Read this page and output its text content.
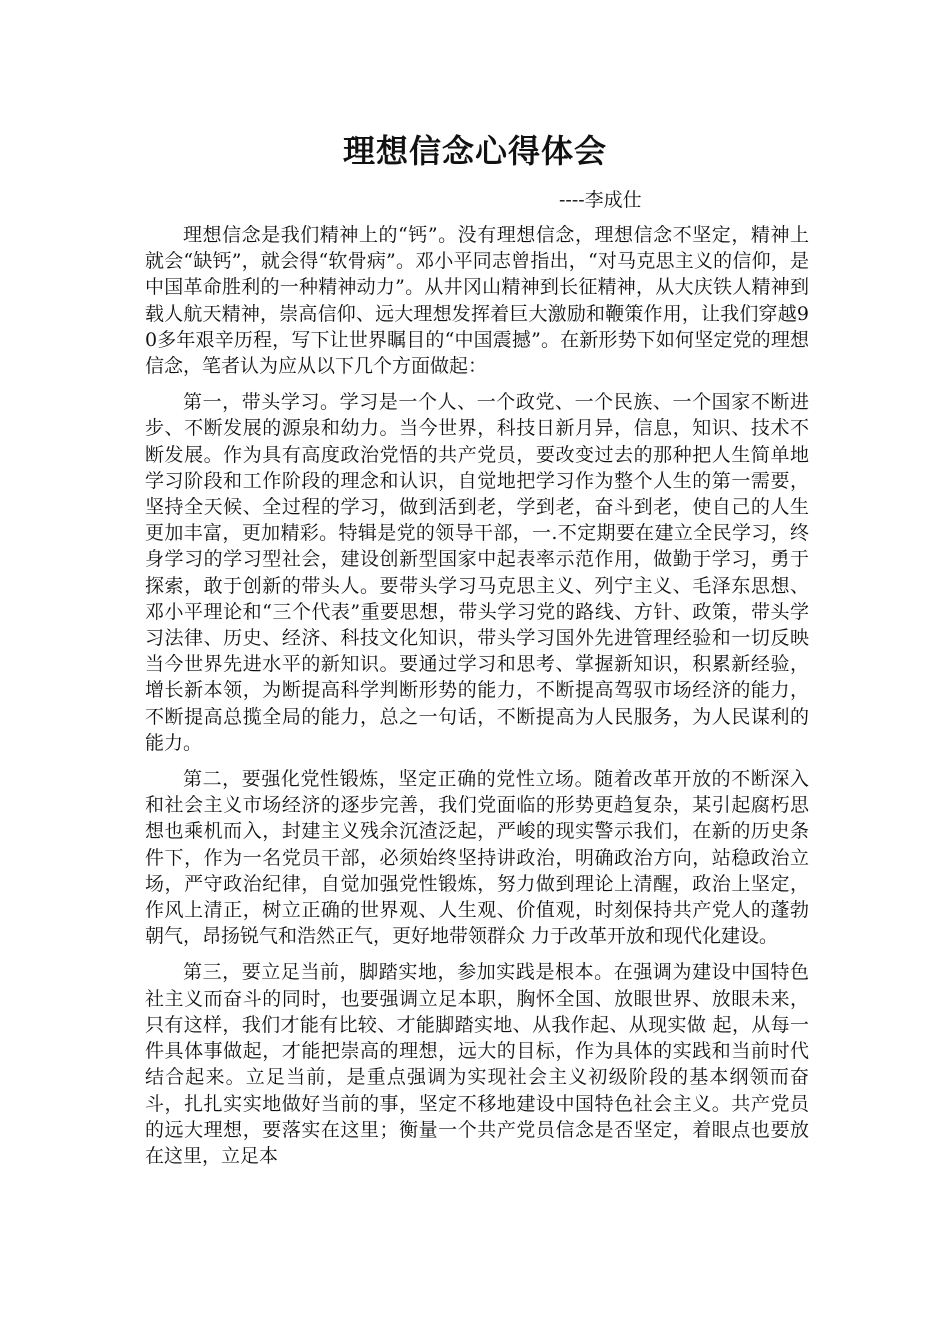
理想信念心得体会
----李成仕

理想信念是我们精神上的“钙”。没有理想信念，理想信念不坚定，精神上就会“缺钙”，就会得“软骨病”。邓小平同志曾指出，“对马克思主义的信仰，是中国革命胜利的一种精神动力”。从井冈山精神到长征精神，从大庆铁人精神到载人航天精神，崇高信仰、远大理想发挥着巨大激励和鞭策作用，让我们穿越90多年艰辛历程，写下让世界瞩目的“中国震撼”。在新形势下如何坚定党的理想信念，笔者认为应从以下几个方面做起：

第一，带头学习。学习是一个人、一个政党、一个民族、一个国家不断进步、不断发展的源泉和幼力。当今世界，科技日新月异，信息，知识、技术不断发展。作为具有高度政治党悟的共产党员，要改变过去的那种把人生简单地学习阶段和工作阶段的理念和认识，自觉地把学习作为整个人生的第一需要，坚持全天候、全过程的学习，做到活到老，学到老，奋斗到老，使自己的人生更加丰富，更加精彩。特辑是党的领导干部，一.不定期要在建立全民学习，终身学习的学习型社会，建设创新型国家中起表率示范作用，做勤于学习，勇于探索，敢于创新的带头人。要带头学习马克思主义、列宁主义、毛泽东思想、邓小平理论和“三个代表”重要思想，带头学习党的路线、方针、政策，带头学习法律、历史、经济、科技文化知识，带头学习国外先进管理经验和一切反映当今世界先进水平的新知识。要通过学习和思考、掌握新知识，积累新经验，增长新本领，为断提高科学判断形势的能力，不断提高驾驭市场经济的能力，不断提高总揽全局的能力，总之一句话，不断提高为人民服务，为人民谋利的能力。

第二，要强化党性锻炼，坚定正确的党性立场。随着改革开放的不断深入和社会主义市场经济的逐步完善，我们党面临的形势更趋复杂，某引起腐朽思想也乘机而入，封建主义残余沉渣泛起，严峻的现实警示我们，在新的历史条件下，作为一名党员干部，必须始终坚持讲政治，明确政治方向，站稳政治立场，严守政治纪律，自觉加强党性锻炼，努力做到理论上清醒，政治上坚定，作风上清正，树立正确的世界观、人生观、价值观，时刻保持共产党人的蓬勃朝气，昂扬锐气和浩然正气，更好地带领群众 力于改革开放和现代化建设。

第三，要立足当前，脚踏实地，参加实践是根本。在强调为建设中国特色社主义而奋斗的同时，也要强调立足本职，胸怀全国、放眼世界、放眼未来，只有这样，我们才能有比较、才能脚踏实地、从我作起、从现实做 起，从每一件具体事做起，才能把崇高的理想，远大的目标，作为具体的实践和当前时代结合起来。立足当前，是重点强调为实现社会主义初级阶段的基本纲领而奋斗，扎扎实实地做好当前的事，坚定不移地建设中国特色社会主义。共产党员的远大理想，要落实在这里；衡量一个共产党员信念是否坚定，着眼点也要放在这里，立足本
